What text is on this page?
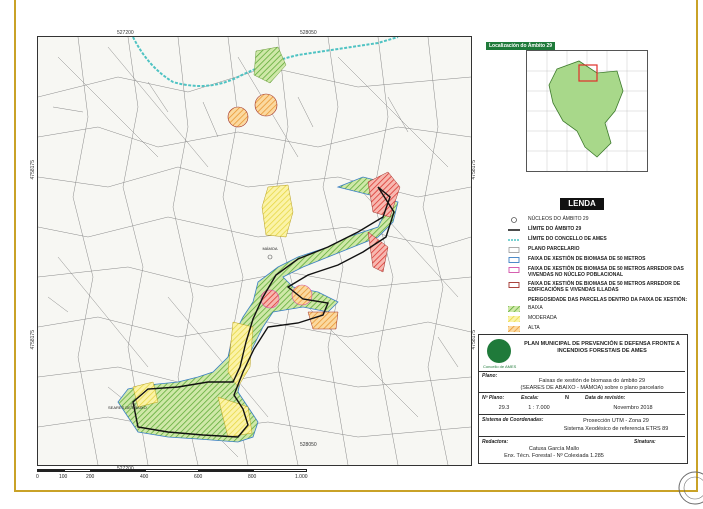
MÁMOA
SEARES DE ABAIXO
527200	528050
528050
4758175
4758175
4758175
4758175
Localización do Ámbito 29
LENDA
NÚCLEOS DO ÁMBITO 29
LÍMITE DO ÁMBITO 29
LÍMITE DO CONCELLO DE AMES
PLANO PARCELARIO
FAIXA DE XESTIÓN DE BIOMASA DE 50 METROS
FAIXA DE XESTIÓN DE BIOMASA DE 50 METROS ARREDOR DAS VIVENDAS NO NÚCLEO POBLACIONAL
FAIXA DE XESTIÓN DE BIOMASA DE 50 METROS ARREDOR DE EDIFICACIÓNS E VIVENDAS ILLADAS
PERIGOSIDADE DAS PARCELAS DENTRO DA FAIXA DE XESTIÓN:
BAIXA
MODERADA
ALTA
Concello de AMES
PLAN MUNICIPAL DE PREVENCIÓN E DEFENSA FRONTE A INCENDIOS FORESTAIS DE AMES
Plano:
Faixas de xestión de biomasa do ámbito 29
(SEARES DE ABAIXO - MÁMOA) sobre o plano parcelario
Nº Plano:
29.3
Escala:
1 : 7.000
N	Data de revisión:
Novembro 2018
Sistema de Coordenadas:	Proxección UTM - Zona 29
Sistema Xeodésico de referencia ETRS 89
Redactora:
Catuxa García Mallo
Enx. Técn. Forestal - Nº Colexiada 1.285
Sinatura:
0	100	200	400	600	800	1.000
